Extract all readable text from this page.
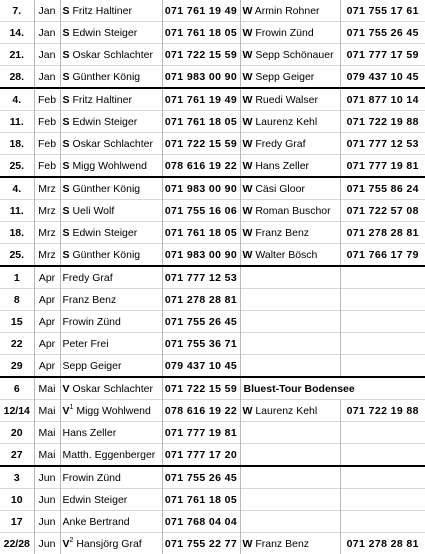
7.	Jan	S Fritz Haltiner	071 761 19 49	W Armin Rohner	071 755 17 61
14.	Jan	S Edwin Steiger	071 761 18 05	W Frowin Zünd	071 755 26 45
21.	Jan	S Oskar Schlachter	071 722 15 59	W Sepp Schönauer	071 777 17 59
28.	Jan	S Günther König	071 983 00 90	W Sepp Geiger	079 437 10 45
4.	Feb	S Fritz Haltiner	071 761 19 49	W Ruedi Walser	071 877 10 14
11.	Feb	S Edwin Steiger	071 761 18 05	W Laurenz Kehl	071 722 19 88
18.	Feb	S Oskar Schlachter	071 722 15 59	W Fredy Graf	071 777 12 53
25.	Feb	S Migg Wohlwend	078 616 19 22	W Hans Zeller	071 777 19 81
4.	Mrz	S Günther König	071 983 00 90	W Cäsi Gloor	071 755 86 24
11.	Mrz	S Ueli Wolf	071 755 16 06	W Roman Buschor	071 722 57 08
18.	Mrz	S Edwin Steiger	071 761 18 05	W Franz Benz	071 278 28 81
25.	Mrz	S Günther König	071 983 00 90	W Walter Bösch	071 766 17 79
1	Apr	Fredy Graf	071 777 12 53		
8	Apr	Franz Benz	071 278 28 81		
15	Apr	Frowin Zünd	071 755 26 45		
22	Apr	Peter Frei	071 755 36 71		
29	Apr	Sepp Geiger	079 437 10 45		
6	Mai	V Oskar Schlachter	071 722 15 59	Bluest-Tour Bodensee	
12/14	Mai	$V^1$ Migg Wohlwend	078 616 19 22	W Laurenz Kehl	071 722 19 88
20	Mai	Hans Zeller	071 777 19 81		
27	Mai	Matth. Eggenberger	071 777 17 20		
3	Jun	Frowin Zünd	071 755 26 45		
10	Jun	Edwin Steiger	071 761 18 05		
17	Jun	Anke Bertrand	071 768 04 04		
22/28	Jun	$V^2$ Hansjörg Graf	071 755 22 77	W Franz Benz	071 278 28 81
